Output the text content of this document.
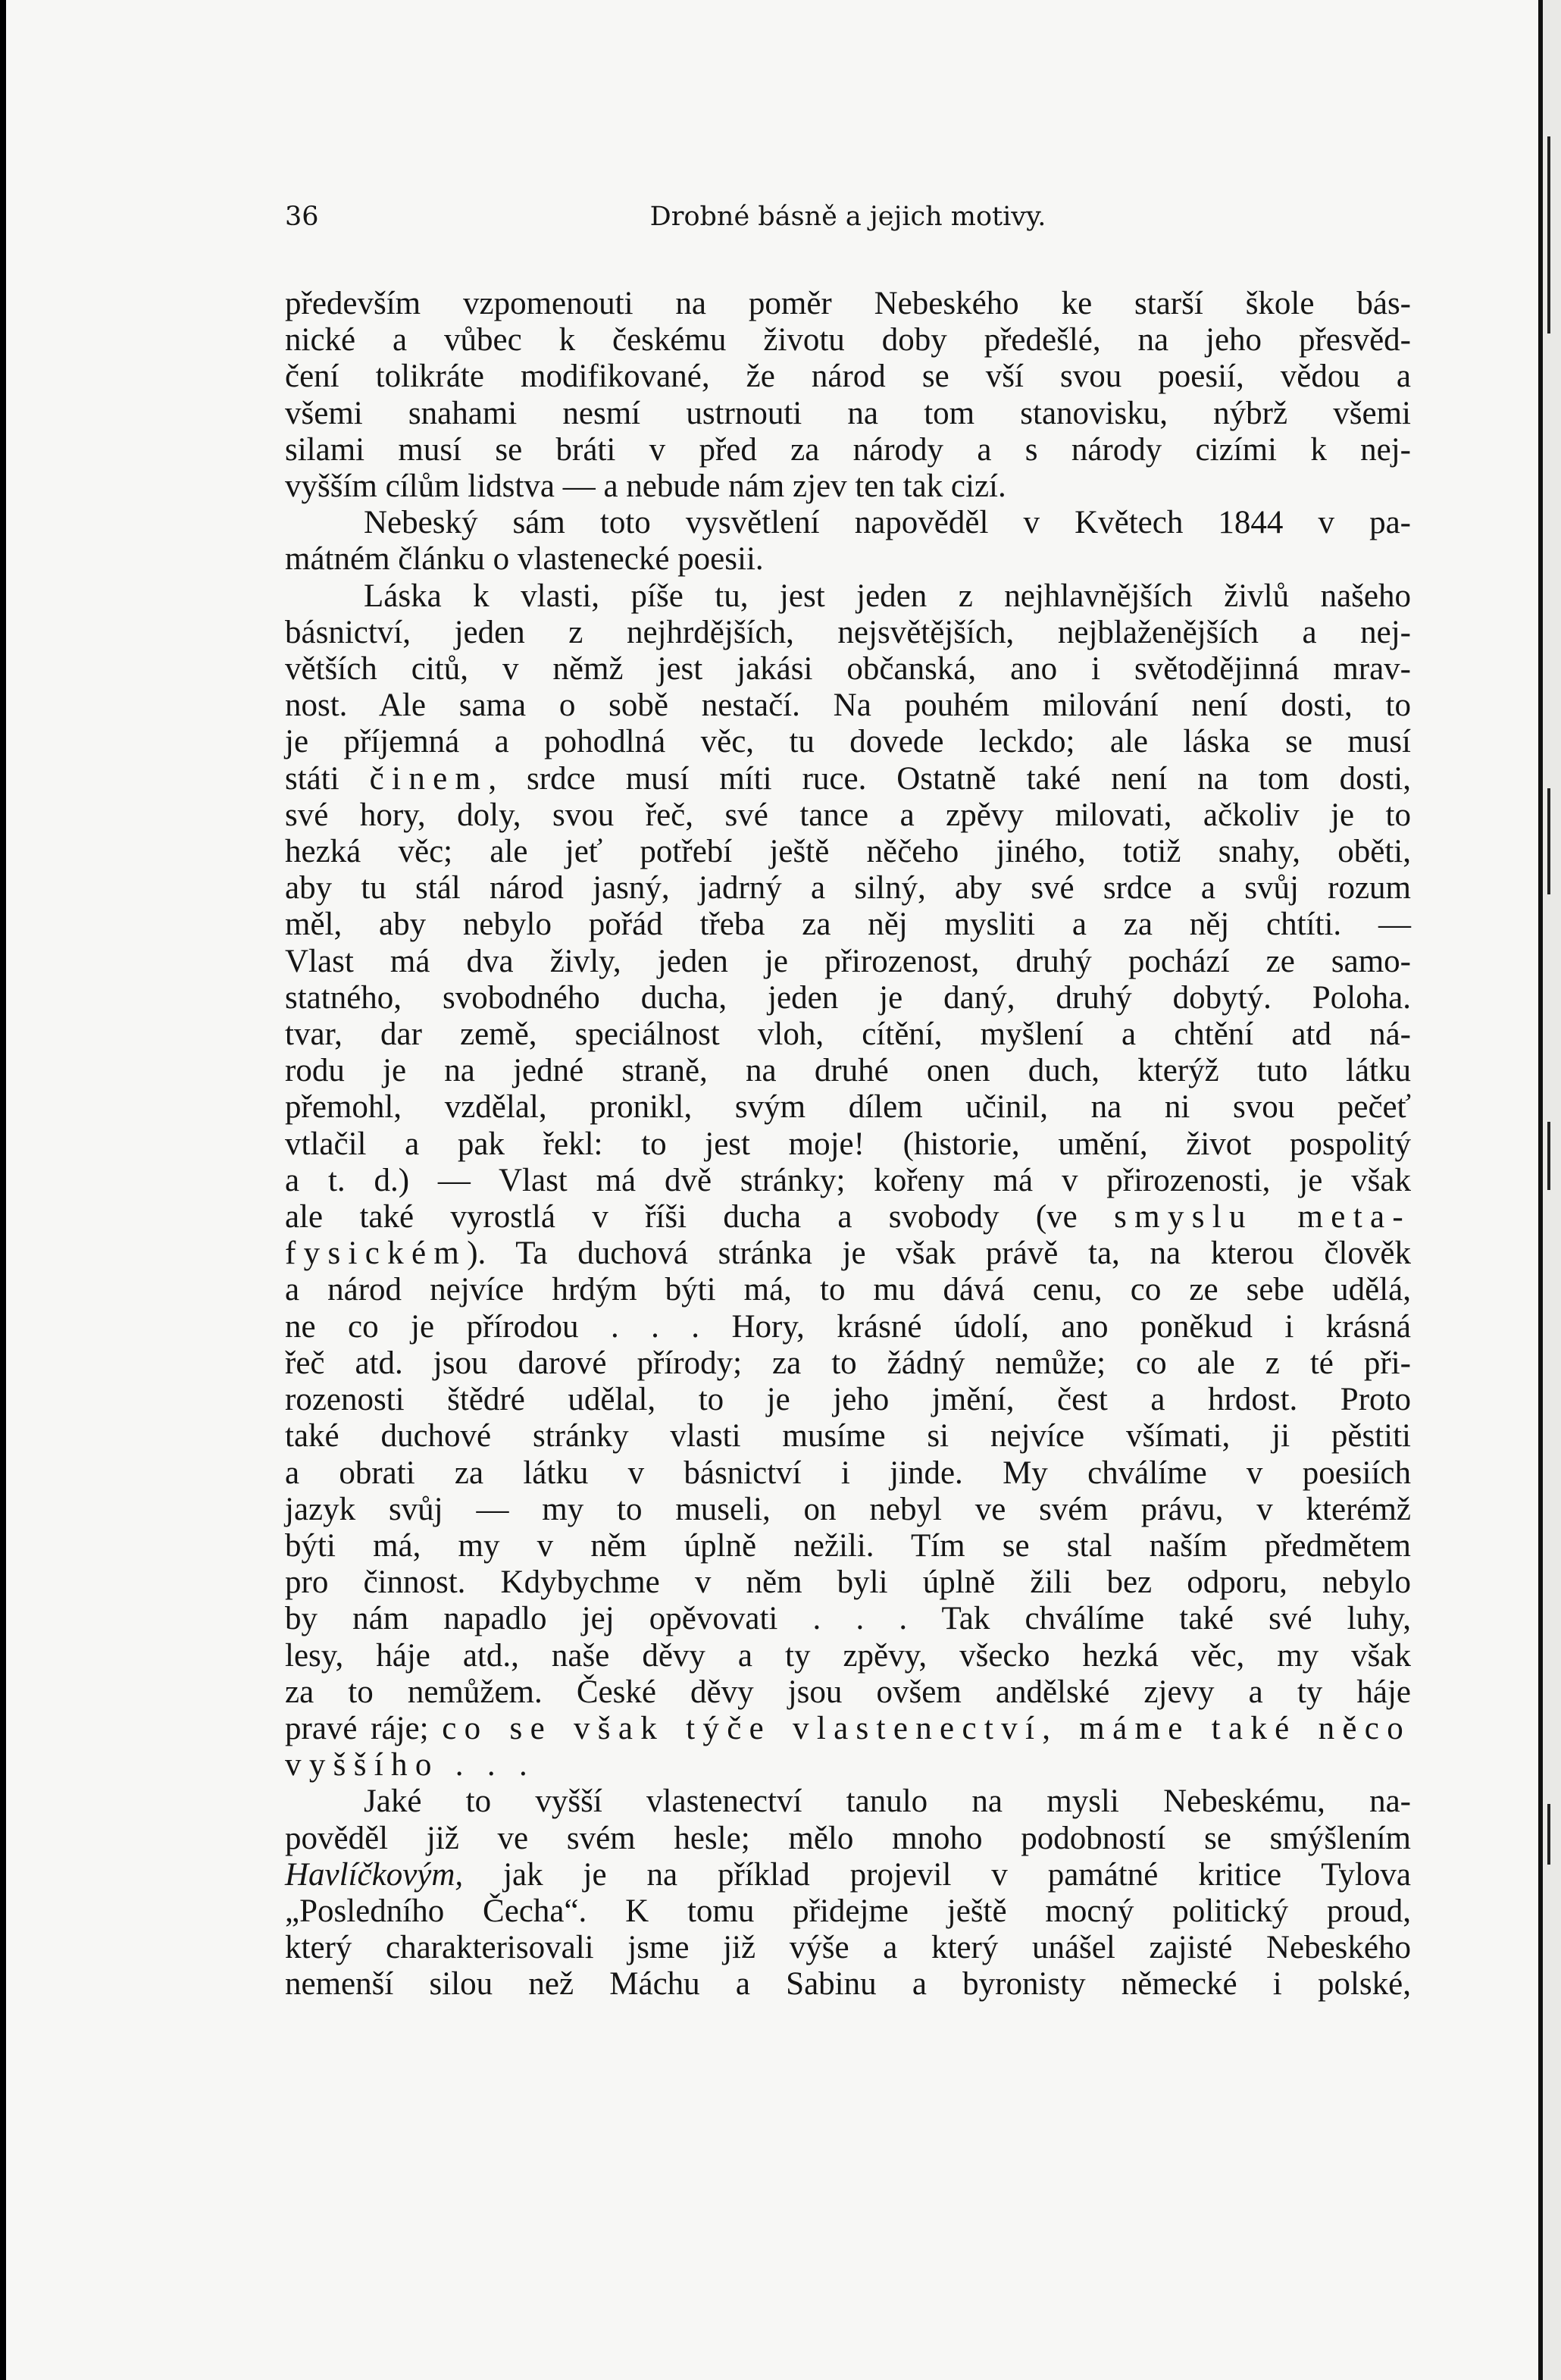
36	Drobné básně a jejich motivy.
především vzpomenouti na poměr Nebeského ke starší škole bás-
nické a vůbec k českému životu doby předešlé, na jeho přesvěd-
čení tolikráte modifikované, že národ se vší svou poesií, vědou a
všemi snahami nesmí ustrnouti na tom stanovisku, nýbrž všemi
silami musí se bráti v před za národy a s národy cizími k nej-
vyšším cílům lidstva — a nebude nám zjev ten tak cizí.
Nebeský sám toto vysvětlení napověděl v Květech 1844 v pa-
mátném článku o vlastenecké poesii.
Láska k vlasti, píše tu, jest jeden z nejhlavnějších živlů našeho
básnictví, jeden z nejhrdějších, nejsvětějších, nejblaženějších a nej-
větších citů, v němž jest jakási občanská, ano i světodějinná mrav-
nost. Ale sama o sobě nestačí. Na pouhém milování není dosti, to
je příjemná a pohodlná věc, tu dovede leckdo; ale láska se musí
státi činem, srdce musí míti ruce. Ostatně také není na tom dosti,
své hory, doly, svou řeč, své tance a zpěvy milovati, ačkoliv je to
hezká věc; ale jeť potřebí ještě něčeho jiného, totiž snahy, oběti,
aby tu stál národ jasný, jadrný a silný, aby své srdce a svůj rozum
měl, aby nebylo pořád třeba za něj mysliti a za něj chtíti. —
Vlast má dva živly, jeden je přirozenost, druhý pochází ze samo-
statného, svobodného ducha, jeden je daný, druhý dobytý. Poloha.
tvar, dar země, speciálnost vloh, cítění, myšlení a chtění atd ná-
rodu je na jedné straně, na druhé onen duch, kterýž tuto látku
přemohl, vzdělal, pronikl, svým dílem učinil, na ni svou pečeť
vtlačil a pak řekl: to jest moje! (historie, umění, život pospolitý
a t. d.) — Vlast má dvě stránky; kořeny má v přirozenosti, je však
ale také vyrostlá v říši ducha a svobody (ve smyslu meta-
fysickém). Ta duchová stránka je však právě ta, na kterou člověk
a národ nejvíce hrdým býti má, to mu dává cenu, co ze sebe udělá,
ne co je přírodou . . . Hory, krásné údolí, ano poněkud i krásná
řeč atd. jsou darové přírody; za to žádný nemůže; co ale z té při-
rozenosti štědré udělal, to je jeho jmění, čest a hrdost. Proto
také duchové stránky vlasti musíme si nejvíce všímati, ji pěstiti
a obrati za látku v básnictví i jinde. My chválíme v poesiích
jazyk svůj — my to museli, on nebyl ve svém právu, v kterémž
býti má, my v něm úplně nežili. Tím se stal naším předmětem
pro činnost. Kdybychme v něm byli úplně žili bez odporu, nebylo
by nám napadlo jej opěvovati . . . Tak chválíme také své luhy,
lesy, háje atd., naše děvy a ty zpěvy, všecko hezká věc, my však
za to nemůžem. České děvy jsou ovšem andělské zjevy a ty háje
pravé ráje; co se však týče vlastenectví, máme také něco
vyššího . . .
Jaké to vyšší vlastenectví tanulo na mysli Nebeskému, na-
pověděl již ve svém hesle; mělo mnoho podobností se smýšlením
Havlíčkovým, jak je na příklad projevil v památné kritice Tylova
„Posledního Čecha“. K tomu přidejme ještě mocný politický proud,
který charakterisovali jsme již výše a který unášel zajisté Nebeského
nemenší silou než Máchu a Sabinu a byronisty německé i polské,
